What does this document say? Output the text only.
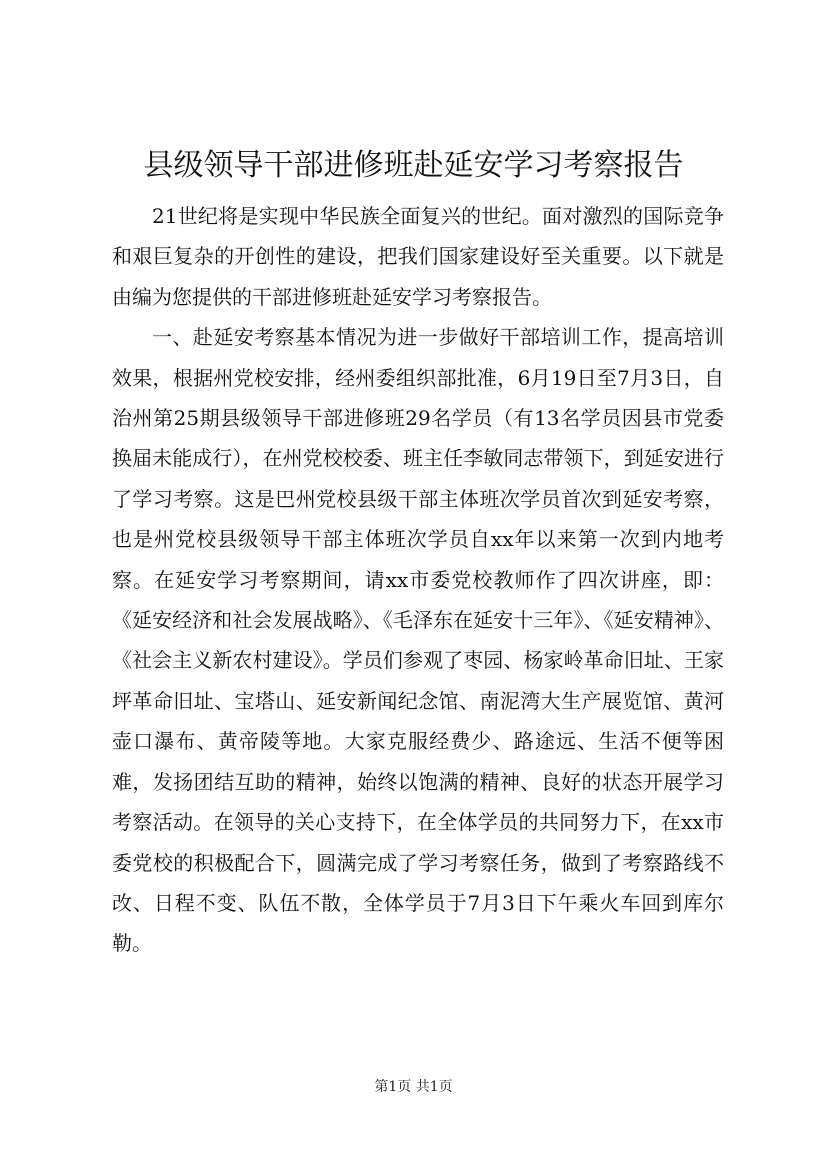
县级领导干部进修班赴延安学习考察报告

21世纪将是实现中华民族全面复兴的世纪。面对激烈的国际竞争和艰巨复杂的开创性的建设，把我们国家建设好至关重要。以下就是由编为您提供的干部进修班赴延安学习考察报告。

一、赴延安考察基本情况为进一步做好干部培训工作，提高培训效果，根据州党校安排，经州委组织部批准，6月19日至7月3日，自治州第25期县级领导干部进修班29名学员（有13名学员因县市党委换届未能成行），在州党校校委、班主任李敏同志带领下，到延安进行了学习考察。这是巴州党校县级干部主体班次学员首次到延安考察，也是州党校县级领导干部主体班次学员自xx年以来第一次到内地考察。在延安学习考察期间，请xx市委党校教师作了四次讲座，即：《延安经济和社会发展战略》、《毛泽东在延安十三年》、《延安精神》、《社会主义新农村建设》。学员们参观了枣园、杨家岭革命旧址、王家坪革命旧址、宝塔山、延安新闻纪念馆、南泥湾大生产展览馆、黄河壶口瀑布、黄帝陵等地。大家克服经费少、路途远、生活不便等困难，发扬团结互助的精神，始终以饱满的精神、良好的状态开展学习考察活动。在领导的关心支持下，在全体学员的共同努力下，在xx市委党校的积极配合下，圆满完成了学习考察任务，做到了考察路线不改、日程不变、队伍不散，全体学员于7月3日下午乘火车回到库尔勒。

第1页 共1页
